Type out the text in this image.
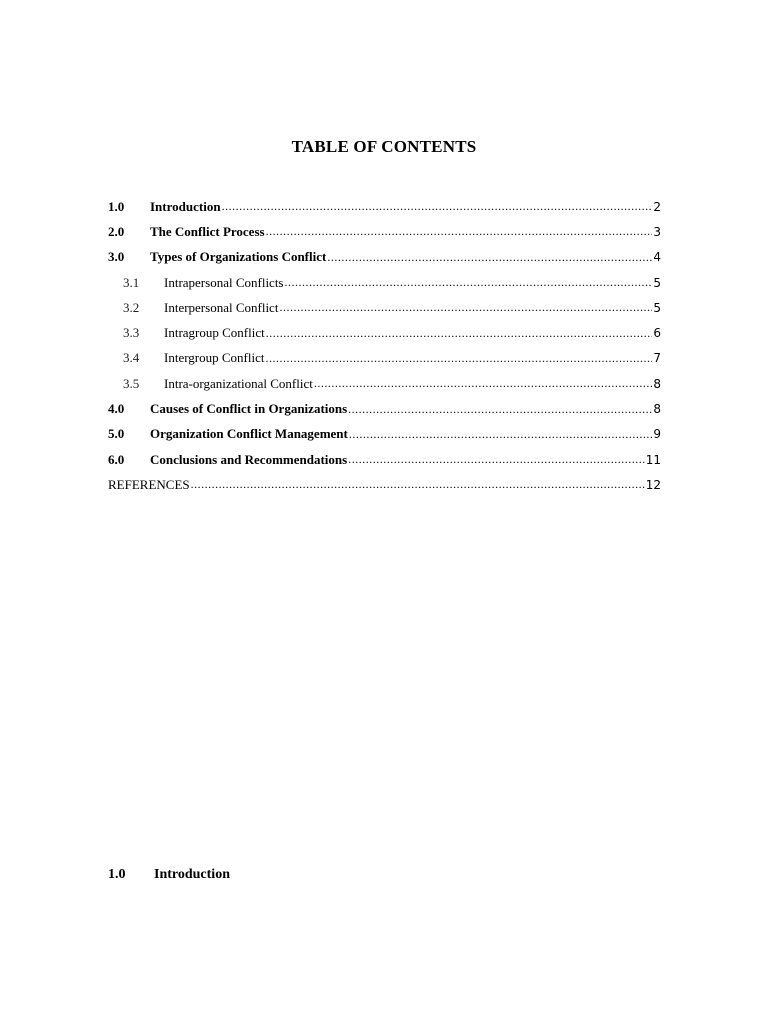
TABLE OF CONTENTS
1.0	Introduction .....	2
2.0	The Conflict Process .....	3
3.0	Types of Organizations Conflict .....	4
3.1	Intrapersonal Conflicts .....	5
3.2	Interpersonal Conflict .....	5
3.3	Intragroup Conflict .....	6
3.4	Intergroup Conflict .....	7
3.5	Intra-organizational Conflict .....	8
4.0	Causes of Conflict in Organizations .....	8
5.0	Organization Conflict Management .....	9
6.0	Conclusions and Recommendations .....	11
REFERENCES .....	12
1.0	Introduction
